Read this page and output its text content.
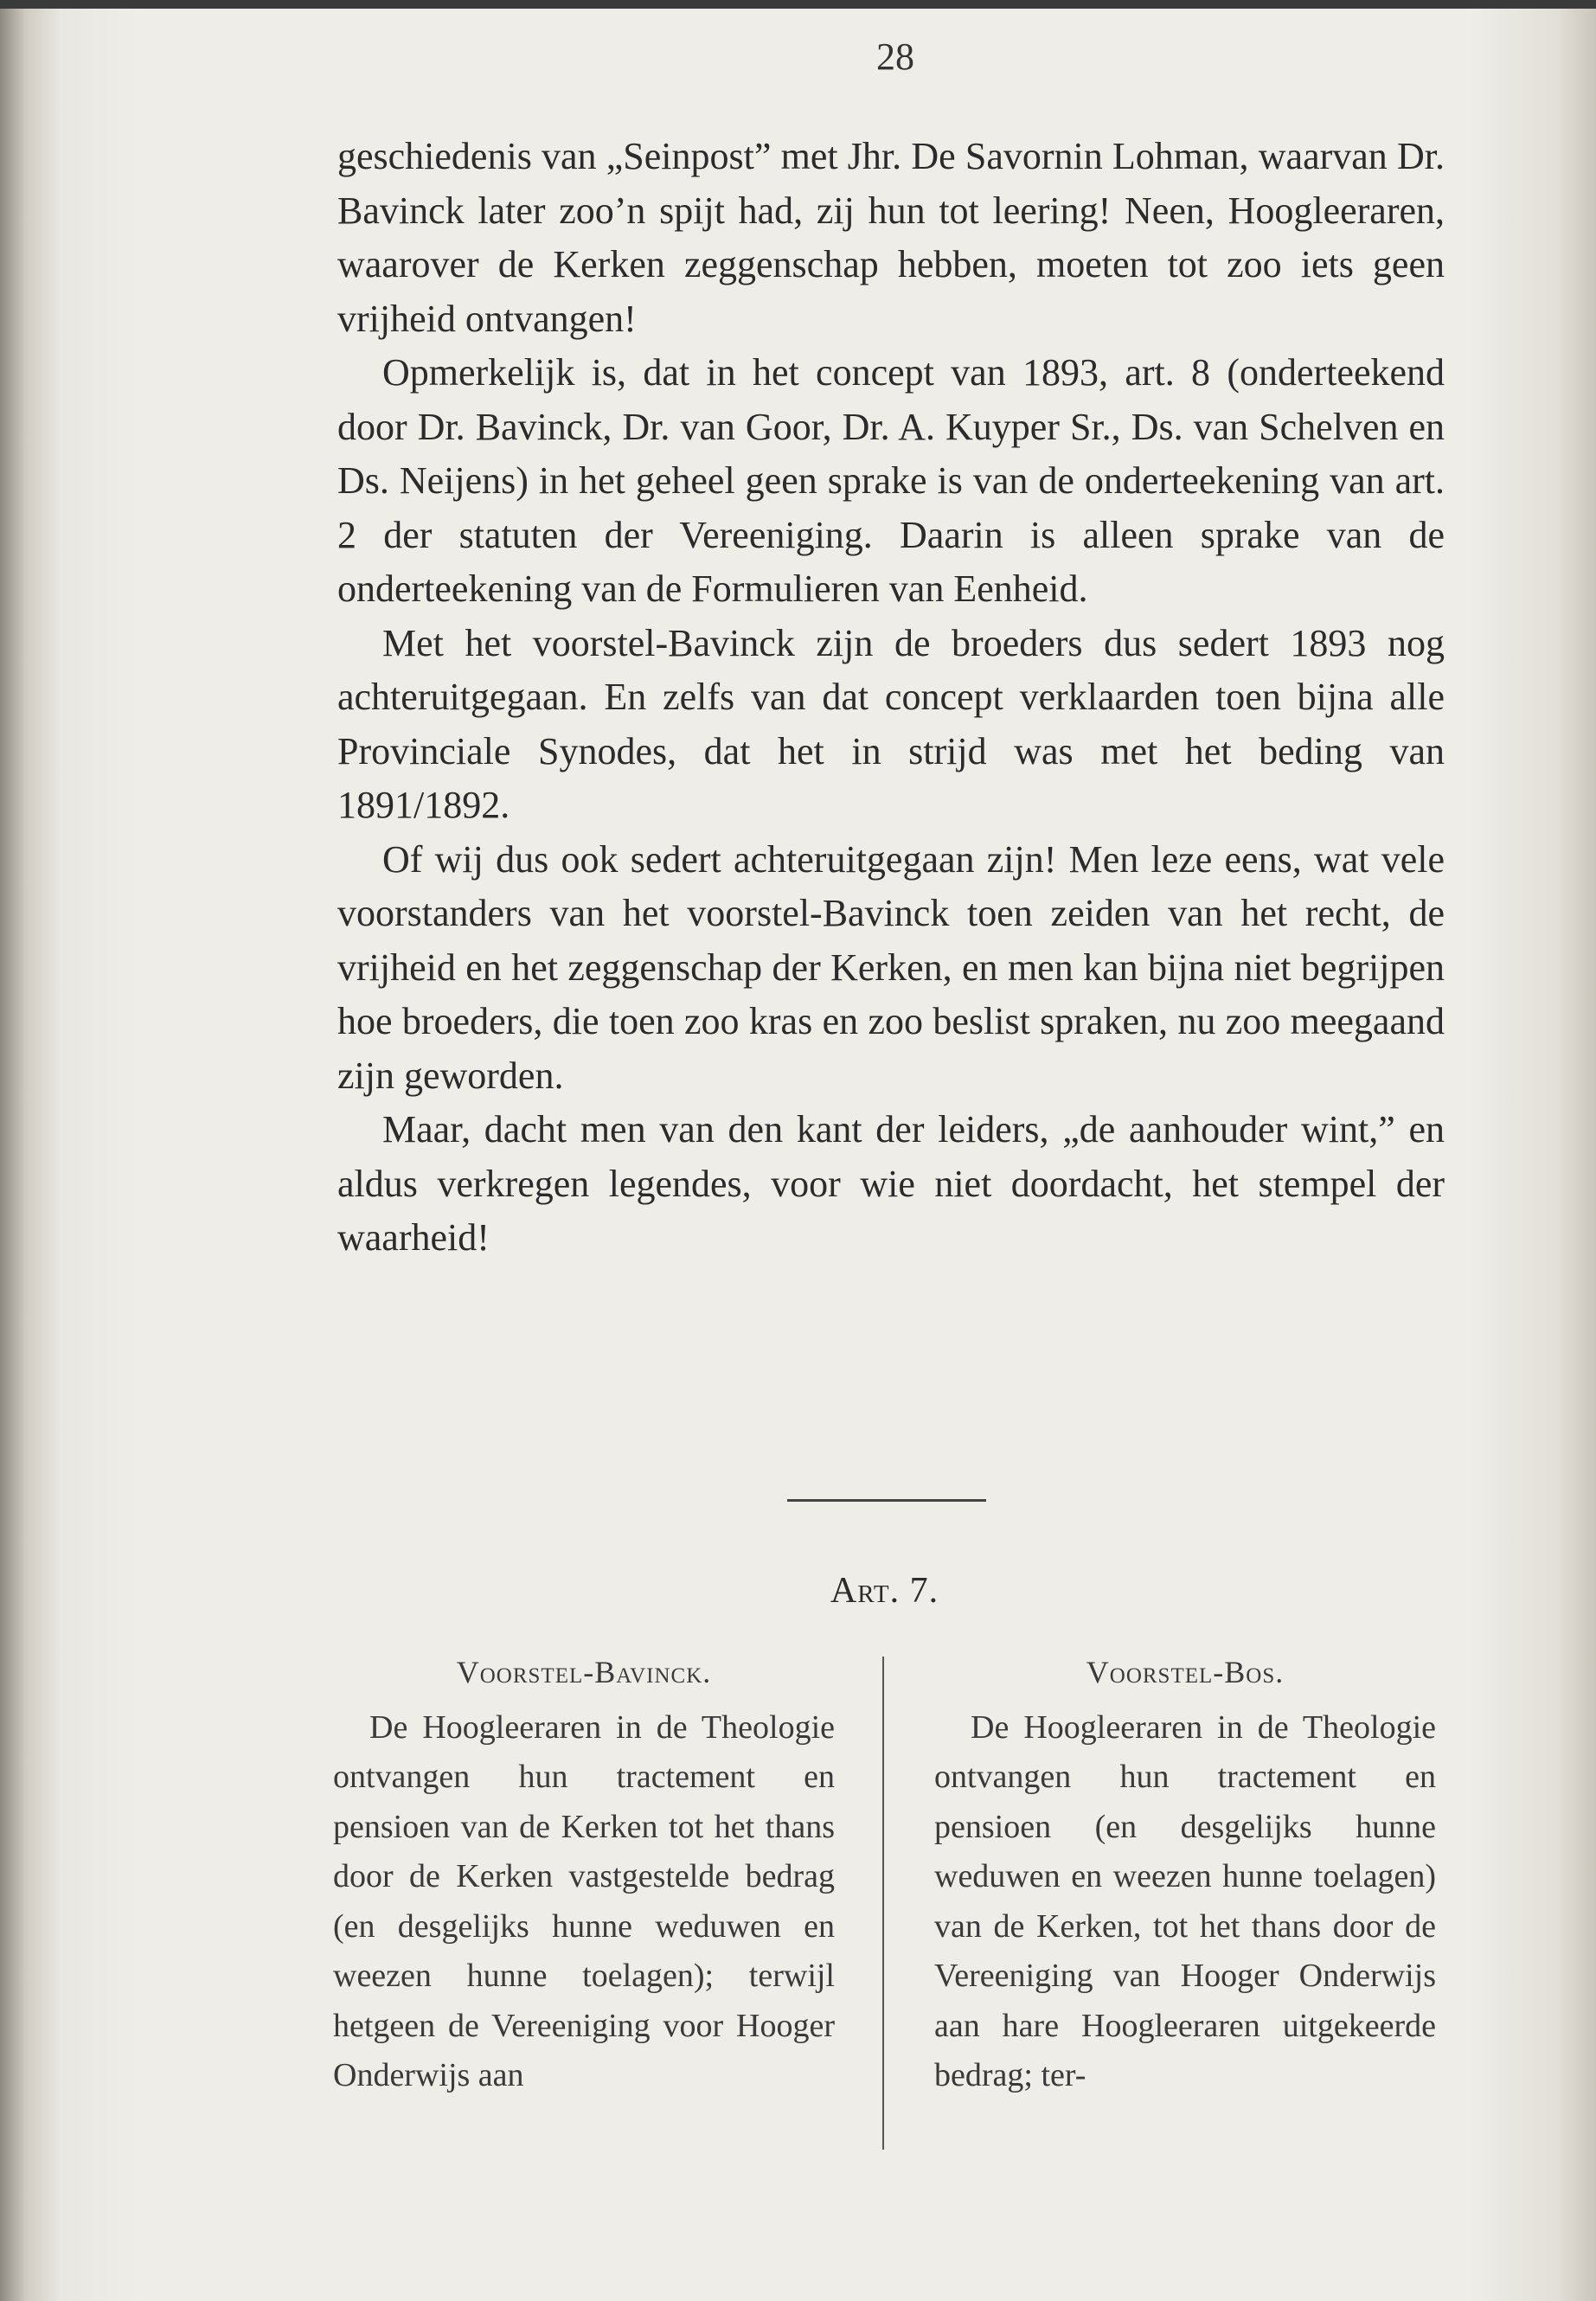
28

geschiedenis van „Seinpost” met Jhr. De Savornin Lohman, waarvan Dr. Bavinck later zoo’n spijt had, zij hun tot leering! Neen, Hoogleeraren, waarover de Kerken zeggenschap hebben, moeten tot zoo iets geen vrijheid ontvangen!

Opmerkelijk is, dat in het concept van 1893, art. 8 (onderteekend door Dr. Bavinck, Dr. van Goor, Dr. A. Kuyper Sr., Ds. van Schelven en Ds. Neijens) in het geheel geen sprake is van de onderteekening van art. 2 der statuten der Vereeniging. Daarin is alleen sprake van de onderteekening van de Formulieren van Eenheid.

Met het voorstel-Bavinck zijn de broeders dus sedert 1893 nog achteruitgegaan. En zelfs van dat concept verklaarden toen bijna alle Provinciale Synodes, dat het in strijd was met het beding van 1891/1892.

Of wij dus ook sedert achteruitgegaan zijn! Men leze eens, wat vele voorstanders van het voorstel-Bavinck toen zeiden van het recht, de vrijheid en het zeggenschap der Kerken, en men kan bijna niet begrijpen hoe broeders, die toen zoo kras en zoo beslist spraken, nu zoo meegaand zijn geworden.

Maar, dacht men van den kant der leiders, „de aanhouder wint,” en aldus verkregen legendes, voor wie niet doordacht, het stempel der waarheid!

Art. 7.
Voorstel-Bavinck.

De Hoogleeraren in de Theologie ontvangen hun tractement en pensioen van de Kerken tot het thans door de Kerken vastgestelde bedrag (en desgelijks hunne weduwen en weezen hunne toelagen); terwijl hetgeen de Vereeniging voor Hooger Onderwijs aan

Voorstel-Bos.

De Hoogleeraren in de Theologie ontvangen hun tractement en pensioen (en desgelijks hunne weduwen en weezen hunne toelagen) van de Kerken, tot het thans door de Vereeniging van Hooger Onderwijs aan hare Hoogleeraren uitgekeerde bedrag; ter-
